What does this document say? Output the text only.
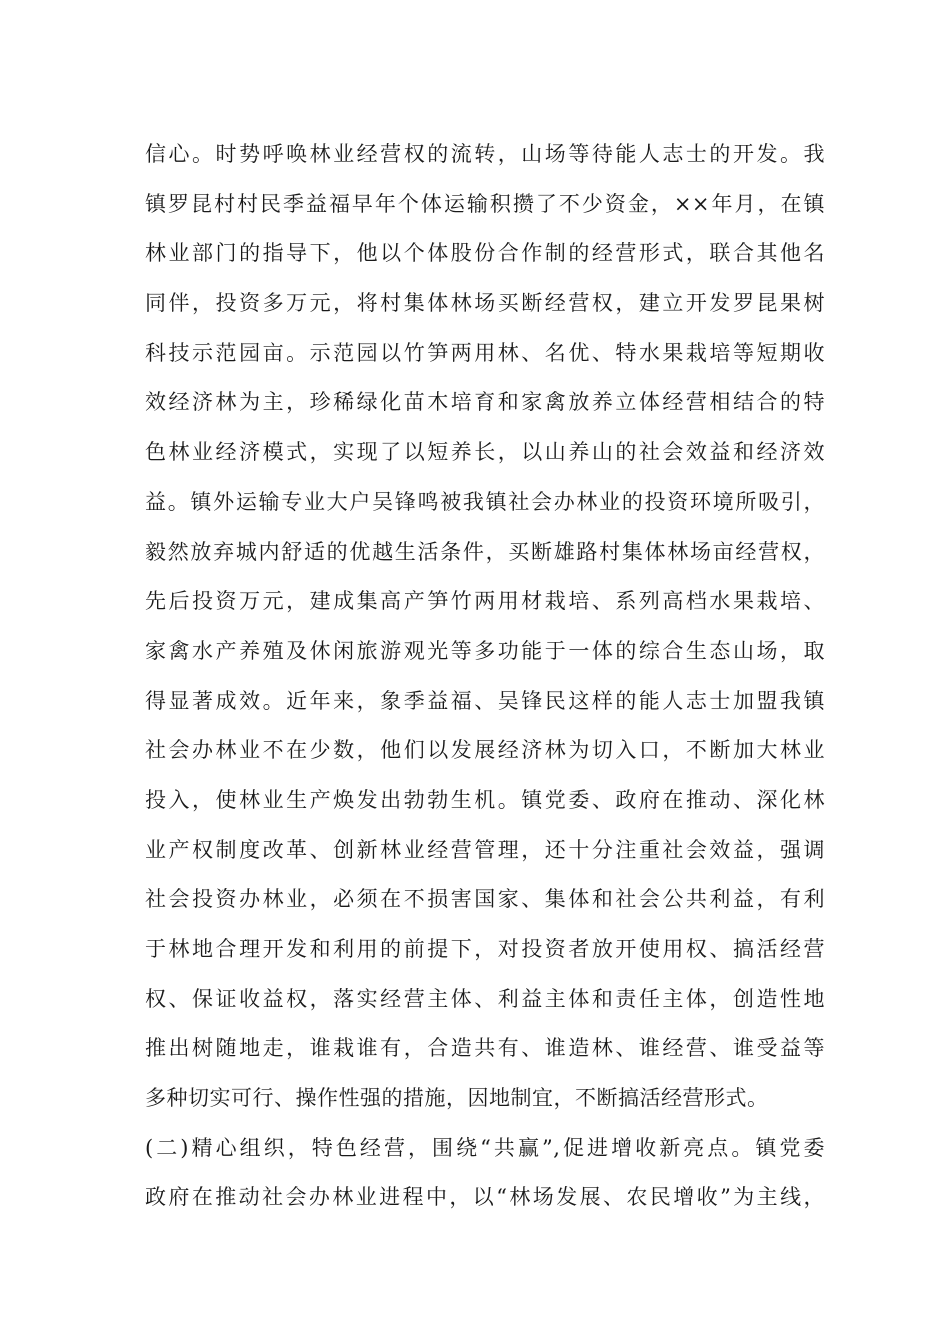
信心。时势呼唤林业经营权的流转，山场等待能人志士的开发。我
镇罗昆村村民季益福早年个体运输积攒了不少资金，××年月，在镇
林业部门的指导下，他以个体股份合作制的经营形式，联合其他名
同伴，投资多万元，将村集体林场买断经营权，建立开发罗昆果树
科技示范园亩。示范园以竹笋两用林、名优、特水果栽培等短期收
效经济林为主，珍稀绿化苗木培育和家禽放养立体经营相结合的特
色林业经济模式，实现了以短养长，以山养山的社会效益和经济效
益。镇外运输专业大户吴锋鸣被我镇社会办林业的投资环境所吸引，
毅然放弃城内舒适的优越生活条件，买断雄路村集体林场亩经营权，
先后投资万元，建成集高产笋竹两用材栽培、系列高档水果栽培、
家禽水产养殖及休闲旅游观光等多功能于一体的综合生态山场，取
得显著成效。近年来，象季益福、吴锋民这样的能人志士加盟我镇
社会办林业不在少数，他们以发展经济林为切入口，不断加大林业
投入，使林业生产焕发出勃勃生机。镇党委、政府在推动、深化林
业产权制度改革、创新林业经营管理，还十分注重社会效益，强调
社会投资办林业，必须在不损害国家、集体和社会公共利益，有利
于林地合理开发和利用的前提下，对投资者放开使用权、搞活经营
权、保证收益权，落实经营主体、利益主体和责任主体，创造性地
推出树随地走，谁栽谁有，合造共有、谁造林、谁经营、谁受益等
多种切实可行、操作性强的措施，因地制宜，不断搞活经营形式。
(二)精心组织，特色经营，围绕“共赢”,促进增收新亮点。镇党委
政府在推动社会办林业进程中，以“林场发展、农民增收”为主线，
